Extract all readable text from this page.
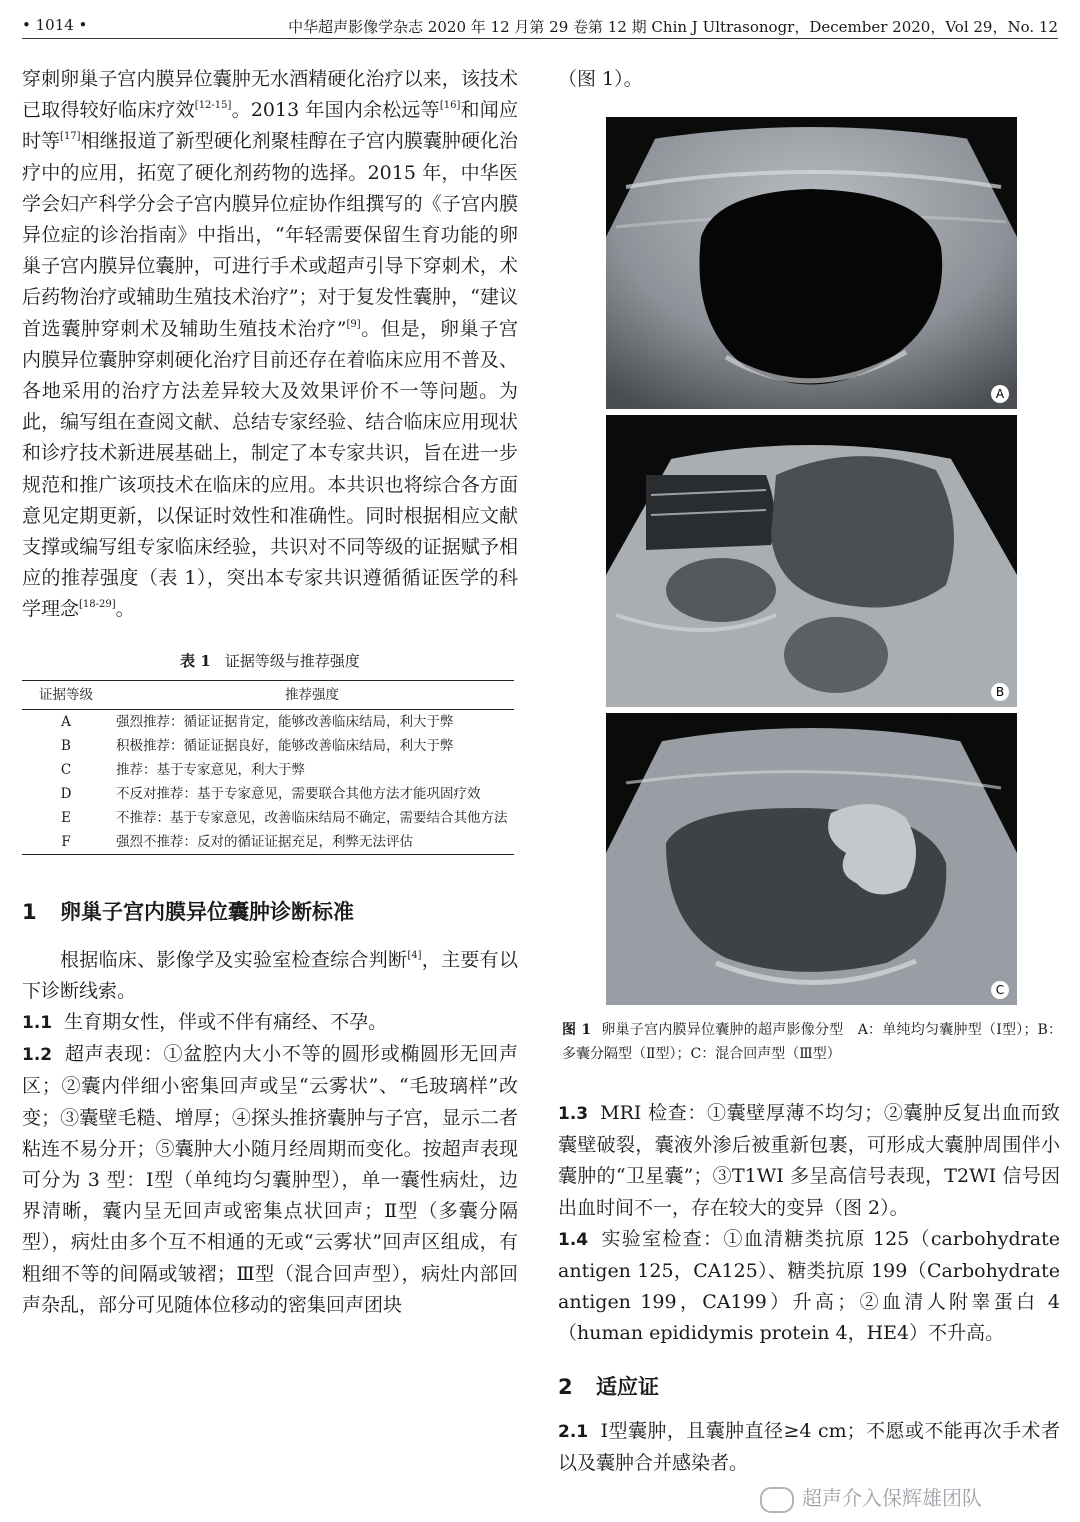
• 1014 •	中华超声影像学杂志 2020 年 12 月第 29 卷第 12 期 Chin J Ultrasonogr，December 2020，Vol 29，No. 12

穿刺卵巢子宫内膜异位囊肿无水酒精硬化治疗以来，该技术已取得较好临床疗效[12-15]。2013 年国内余松远等[16]和闻应时等[17]相继报道了新型硬化剂聚桂醇在子宫内膜囊肿硬化治疗中的应用，拓宽了硬化剂药物的选择。2015 年，中华医学会妇产科学分会子宫内膜异位症协作组撰写的《子宫内膜异位症的诊治指南》中指出，“年轻需要保留生育功能的卵巢子宫内膜异位囊肿，可进行手术或超声引导下穿刺术，术后药物治疗或辅助生殖技术治疗”；对于复发性囊肿，“建议首选囊肿穿刺术及辅助生殖技术治疗”[9]。但是，卵巢子宫内膜异位囊肿穿刺硬化治疗目前还存在着临床应用不普及、各地采用的治疗方法差异较大及效果评价不一等问题。为此，编写组在查阅文献、总结专家经验、结合临床应用现状和诊疗技术新进展基础上，制定了本专家共识，旨在进一步规范和推广该项技术在临床的应用。本共识也将综合各方面意见定期更新，以保证时效性和准确性。同时根据相应文献支撑或编写组专家临床经验，共识对不同等级的证据赋予相应的推荐强度（表 1），突出本专家共识遵循循证医学的科学理念[18-29]。

表 1 证据等级与推荐强度
证据等级	推荐强度
A	强烈推荐：循证证据肯定，能够改善临床结局，利大于弊
B	积极推荐：循证证据良好，能够改善临床结局，利大于弊
C	推荐：基于专家意见，利大于弊
D	不反对推荐：基于专家意见，需要联合其他方法才能巩固疗效
E	不推荐：基于专家意见，改善临床结局不确定，需要结合其他方法
F	强烈不推荐：反对的循证证据充足，利弊无法评估
1 卵巢子宫内膜异位囊肿诊断标准

根据临床、影像学及实验室检查综合判断[4]，主要有以下诊断线索。

1.1 生育期女性，伴或不伴有痛经、不孕。

1.2 超声表现：①盆腔内大小不等的圆形或椭圆形无回声区；②囊内伴细小密集回声或呈“云雾状”、“毛玻璃样”改变；③囊壁毛糙、增厚；④探头推挤囊肿与子宫，显示二者粘连不易分开；⑤囊肿大小随月经周期而变化。按超声表现可分为 3 型：Ⅰ型（单纯均匀囊肿型），单一囊性病灶，边界清晰，囊内呈无回声或密集点状回声；Ⅱ型（多囊分隔型），病灶由多个互不相通的无或“云雾状”回声区组成，有粗细不等的间隔或皱褶；Ⅲ型（混合回声型），病灶内部回声杂乱，部分可见随体位移动的密集回声团块

（图 1）。

A
B
C
图 1 卵巢子宫内膜异位囊肿的超声影像分型　A：单纯均匀囊肿型（Ⅰ型）；B：多囊分隔型（Ⅱ型）；C：混合回声型（Ⅲ型）

1.3 MRI 检查：①囊壁厚薄不均匀；②囊肿反复出血而致囊壁破裂，囊液外渗后被重新包裹，可形成大囊肿周围伴小囊肿的“卫星囊”；③T1WI 多呈高信号表现，T2WI 信号因出血时间不一，存在较大的变异（图 2）。

1.4 实验室检查：①血清糖类抗原 125（carbohydrate antigen 125，CA125）、糖类抗原 199（Carbohydrate antigen 199，CA199）升高；②血清人附睾蛋白 4（human epididymis protein 4，HE4）不升高。

2 适应证

2.1 Ⅰ型囊肿，且囊肿直径≥4 cm；不愿或不能再次手术者以及囊肿合并感染者。

超声介入保辉雄团队
